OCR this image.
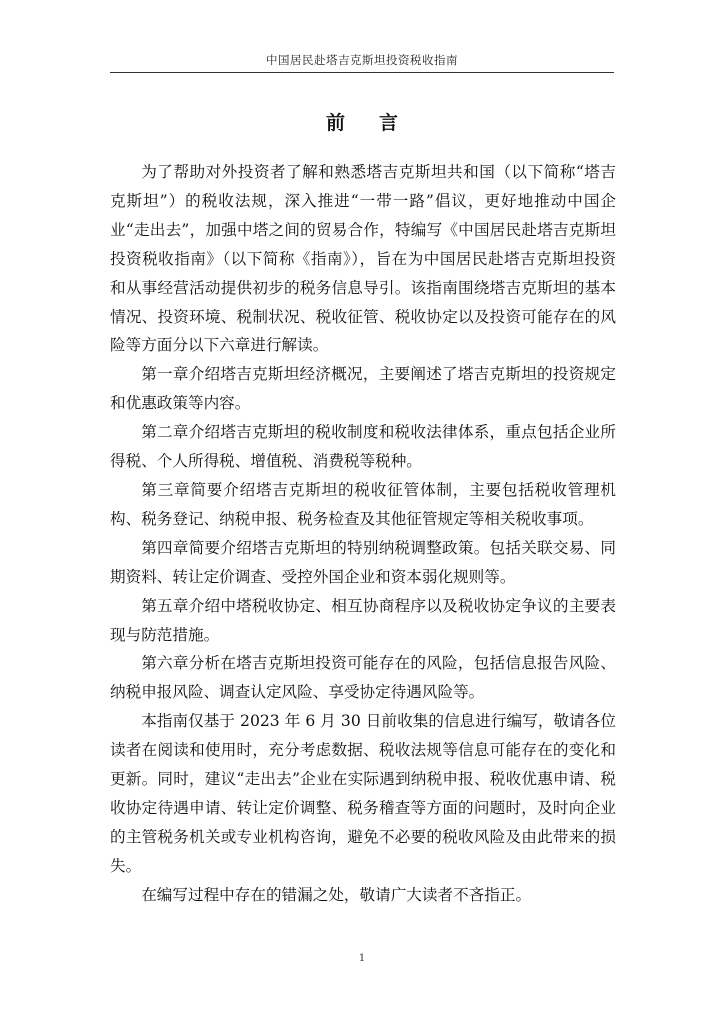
中国居民赴塔吉克斯坦投资税收指南
前言

为了帮助对外投资者了解和熟悉塔吉克斯坦共和国（以下简称“塔吉克斯坦”）的税收法规，深入推进“一带一路”倡议，更好地推动中国企业“走出去”，加强中塔之间的贸易合作，特编写《中国居民赴塔吉克斯坦投资税收指南》（以下简称《指南》），旨在为中国居民赴塔吉克斯坦投资和从事经营活动提供初步的税务信息导引。该指南围绕塔吉克斯坦的基本情况、投资环境、税制状况、税收征管、税收协定以及投资可能存在的风险等方面分以下六章进行解读。

第一章介绍塔吉克斯坦经济概况，主要阐述了塔吉克斯坦的投资规定和优惠政策等内容。

第二章介绍塔吉克斯坦的税收制度和税收法律体系，重点包括企业所得税、个人所得税、增值税、消费税等税种。

第三章简要介绍塔吉克斯坦的税收征管体制，主要包括税收管理机构、税务登记、纳税申报、税务检查及其他征管规定等相关税收事项。

第四章简要介绍塔吉克斯坦的特别纳税调整政策。包括关联交易、同期资料、转让定价调查、受控外国企业和资本弱化规则等。

第五章介绍中塔税收协定、相互协商程序以及税收协定争议的主要表现与防范措施。

第六章分析在塔吉克斯坦投资可能存在的风险，包括信息报告风险、纳税申报风险、调查认定风险、享受协定待遇风险等。

本指南仅基于 2023 年 6 月 30 日前收集的信息进行编写，敬请各位读者在阅读和使用时，充分考虑数据、税收法规等信息可能存在的变化和更新。同时，建议“走出去”企业在实际遇到纳税申报、税收优惠申请、税收协定待遇申请、转让定价调整、税务稽查等方面的问题时，及时向企业的主管税务机关或专业机构咨询，避免不必要的税收风险及由此带来的损失。

在编写过程中存在的错漏之处，敬请广大读者不吝指正。

1
